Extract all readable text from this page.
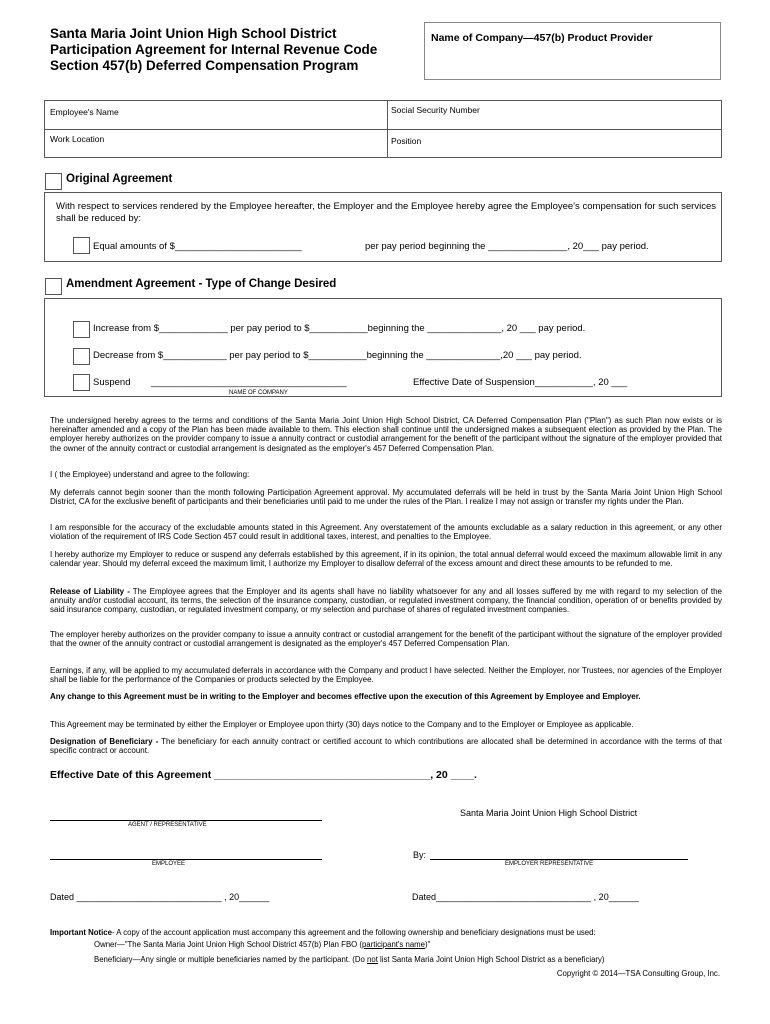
Santa Maria Joint Union High School District
Participation Agreement for Internal Revenue Code
Section 457(b) Deferred Compensation Program
Name of Company—457(b) Product Provider
Employee's Name	Social Security Number
Work Location	Position
Original Agreement
With respect to services rendered by the Employee hereafter, the Employer and the Employee hereby agree the Employee's compensation for such services shall be reduced by:
Equal amounts of $________________________	per pay period beginning the _______________, 20___ pay period.
Amendment Agreement - Type of Change Desired
Increase from $_____________ per pay period to $___________beginning the ______________, 20 ___ pay period.
Decrease from $____________ per pay period to $___________beginning the ______________,20 ___ pay period.
Suspend _____________________________________	Effective Date of Suspension___________, 20 ___
NAME OF COMPANY
The undersigned hereby agrees to the terms and conditions of the Santa Maria Joint Union High School District, CA Deferred Compensation Plan ("Plan") as such Plan now exists or is hereinafter amended and a copy of the Plan has been made available to them. This election shall continue until the undersigned makes a subsequent election as provided by the Plan. The employer hereby authorizes on the provider company to issue a annuity contract or custodial arrangement for the benefit of the participant without the signature of the employer provided that the owner of the annuity contract or custodial arrangement is designated as the employer's 457 Deferred Compensation Plan.
I ( the Employee) understand and agree to the following:
My deferrals cannot begin sooner than the month following Participation Agreement approval. My accumulated deferrals will be held in trust by the Santa Maria Joint Union High School District, CA for the exclusive benefit of participants and their beneficiaries until paid to me under the rules of the Plan. I realize I may not assign or transfer my rights under the Plan.
I am responsible for the accuracy of the excludable amounts stated in this Agreement. Any overstatement of the amounts excludable as a salary reduction in this agreement, or any other violation of the requirement of IRS Code Section 457 could result in additional taxes, interest, and penalties to the Employee.
I hereby authorize my Employer to reduce or suspend any deferrals established by this agreement, if in its opinion, the total annual deferral would exceed the maximum allowable limit in any calendar year. Should my deferral exceed the maximum limit, I authorize my Employer to disallow deferral of the excess amount and direct these amounts to be refunded to me.
Release of Liability - The Employee agrees that the Employer and its agents shall have no liability whatsoever for any and all losses suffered by me with regard to my selection of the annuity and/or custodial account, its terms, the selection of the insurance company, custodian, or regulated investment company, the financial condition, operation of or benefits provided by said insurance company, custodian, or regulated investment company, or my selection and purchase of shares of regulated investment companies.
The employer hereby authorizes on the provider company to issue a annuity contract or custodial arrangement for the benefit of the participant without the signature of the employer provided that the owner of the annuity contract or custodial arrangement is designated as the employer's 457 Deferred Compensation Plan.
Earnings, if any, will be applied to my accumulated deferrals in accordance with the Company and product I have selected. Neither the Employer, nor Trustees, nor agencies of the Employer shall be liable for the performance of the Companies or products selected by the Employee.
Any change to this Agreement must be in writing to the Employer and becomes effective upon the execution of this Agreement by Employee and Employer.
This Agreement may be terminated by either the Employer or Employee upon thirty (30) days notice to the Company and to the Employer or Employee as applicable.
Designation of Beneficiary - The beneficiary for each annuity contract or certified account to which contributions are allocated shall be determined in accordance with the terms of that specific contract or account.
Effective Date of this Agreement _____________________________________, 20 ____.
AGENT / REPRESENTATIVE
Santa Maria Joint Union High School District
EMPLOYEE
By:
EMPLOYER REPRESENTATIVE
Dated _____________________________ , 20______	Dated_______________________________ , 20______
Important Notice- A copy of the account application must accompany this agreement and the following ownership and beneficiary designations must be used:
Owner—"The Santa Maria Joint Union High School District 457(b) Plan FBO (participant's name)"
Beneficiary—Any single or multiple beneficiaries named by the participant. (Do not list Santa Maria Joint Union High School District as a beneficiary)
Copyright © 2014—TSA Consulting Group, Inc.
